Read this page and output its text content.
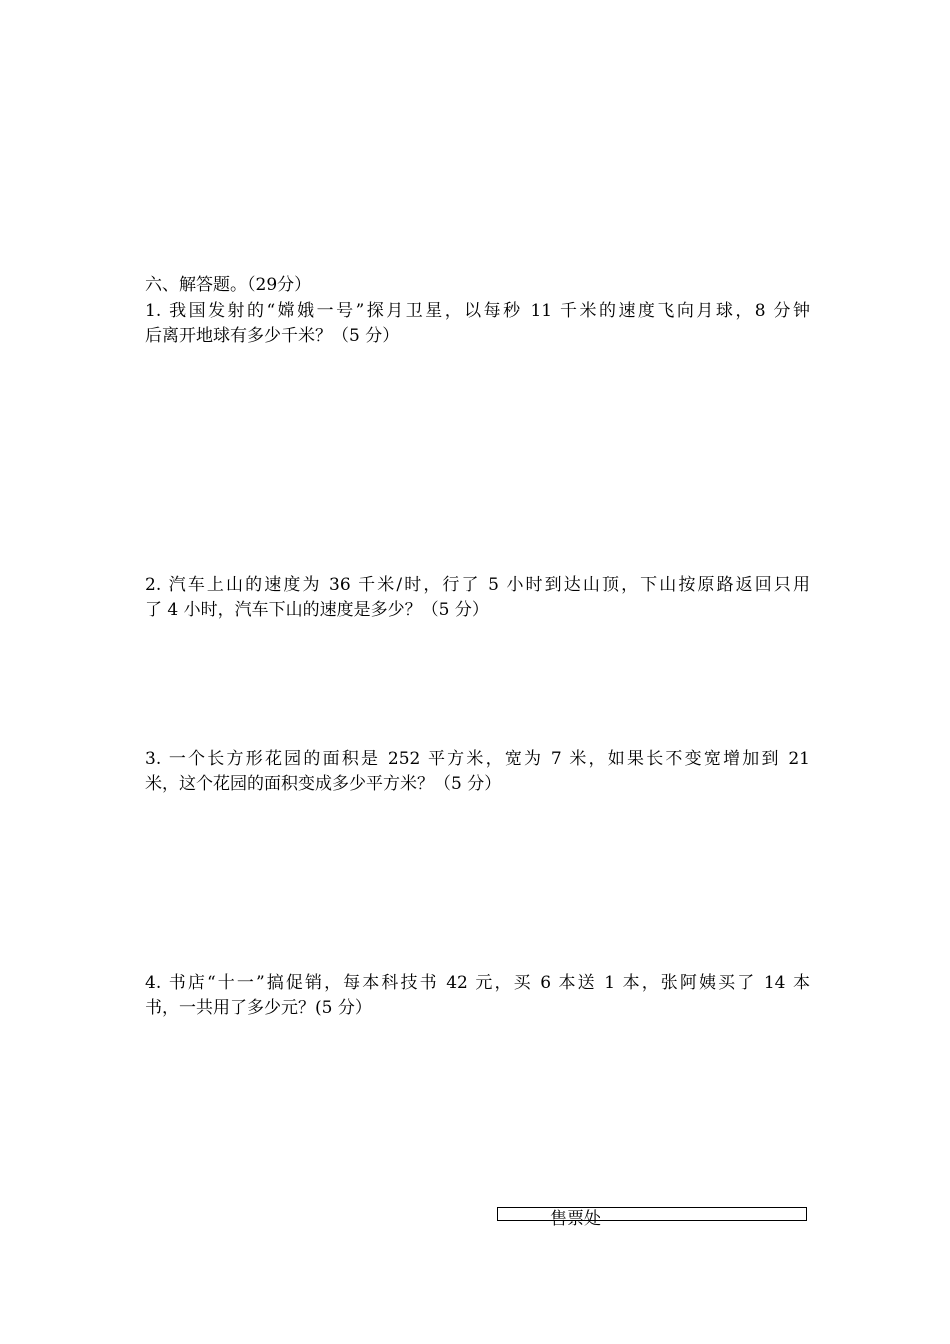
六、解答题。（29分）

1. 我国发射的“嫦娥一号”探月卫星，以每秒 11 千米的速度飞向月球，8 分钟

后离开地球有多少千米？（5 分）

2. 汽车上山的速度为 36 千米/时，行了 5 小时到达山顶，下山按原路返回只用

了 4 小时，汽车下山的速度是多少？（5 分）

3. 一个长方形花园的面积是 252 平方米，宽为 7 米，如果长不变宽增加到 21

米，这个花园的面积变成多少平方米？（5 分）

4. 书店“十一”搞促销，每本科技书 42 元，买 6 本送 1 本，张阿姨买了 14 本

书，一共用了多少元？(5 分）

售票处
